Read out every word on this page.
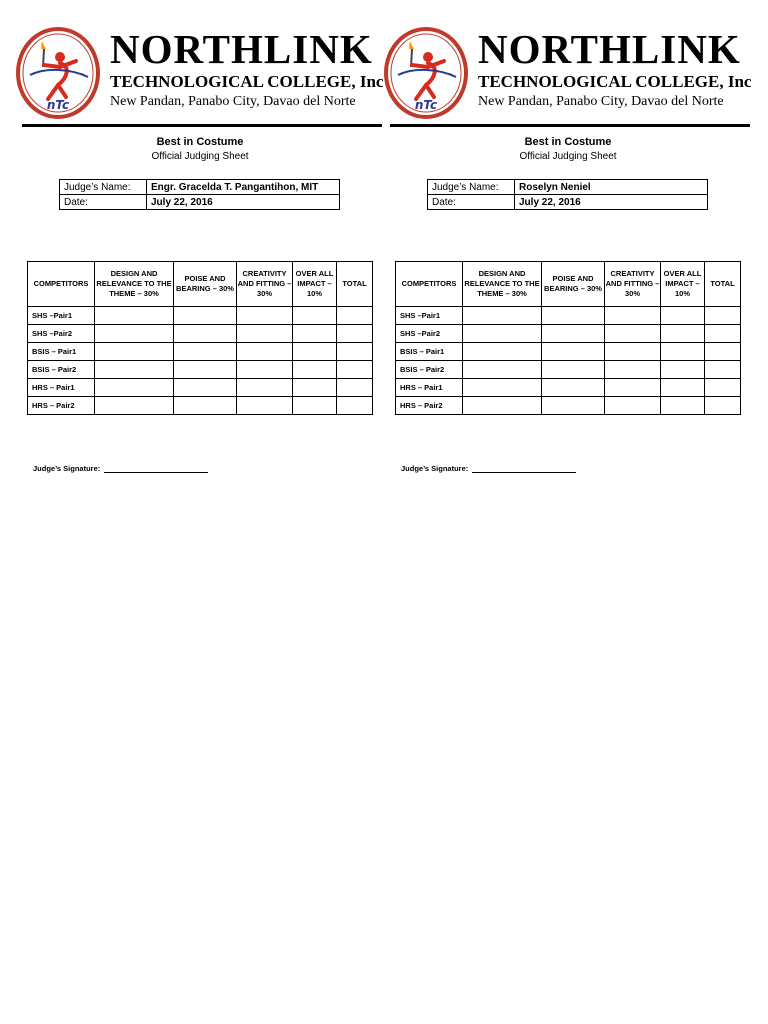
nTc
NORTHLINK
TECHNOLOGICAL COLLEGE, Inc
New Pandan, Panabo City, Davao del Norte
Best in Costume
Official Judging Sheet
Judge’s Name:	Engr. Gracelda T. Pangantihon, MIT
Date:	July 22, 2016
COMPETITORS	DESIGN AND RELEVANCE TO THE THEME – 30%	POISE AND BEARING – 30%	CREATIVITY AND FITTING – 30%	OVER ALL IMPACT – 10%	TOTAL
SHS –Pair1					
SHS –Pair2					
BSIS – Pair1					
BSIS – Pair2					
HRS – Pair1					
HRS – Pair2					
Judge’s Signature:
nTc
NORTHLINK
TECHNOLOGICAL COLLEGE, Inc
New Pandan, Panabo City, Davao del Norte
Best in Costume
Official Judging Sheet
Judge’s Name:	Roselyn Neniel
Date:	July 22, 2016
COMPETITORS	DESIGN AND RELEVANCE TO THE THEME – 30%	POISE AND BEARING – 30%	CREATIVITY AND FITTING – 30%	OVER ALL IMPACT – 10%	TOTAL
SHS –Pair1					
SHS –Pair2					
BSIS – Pair1					
BSIS – Pair2					
HRS – Pair1					
HRS – Pair2					
Judge’s Signature:
